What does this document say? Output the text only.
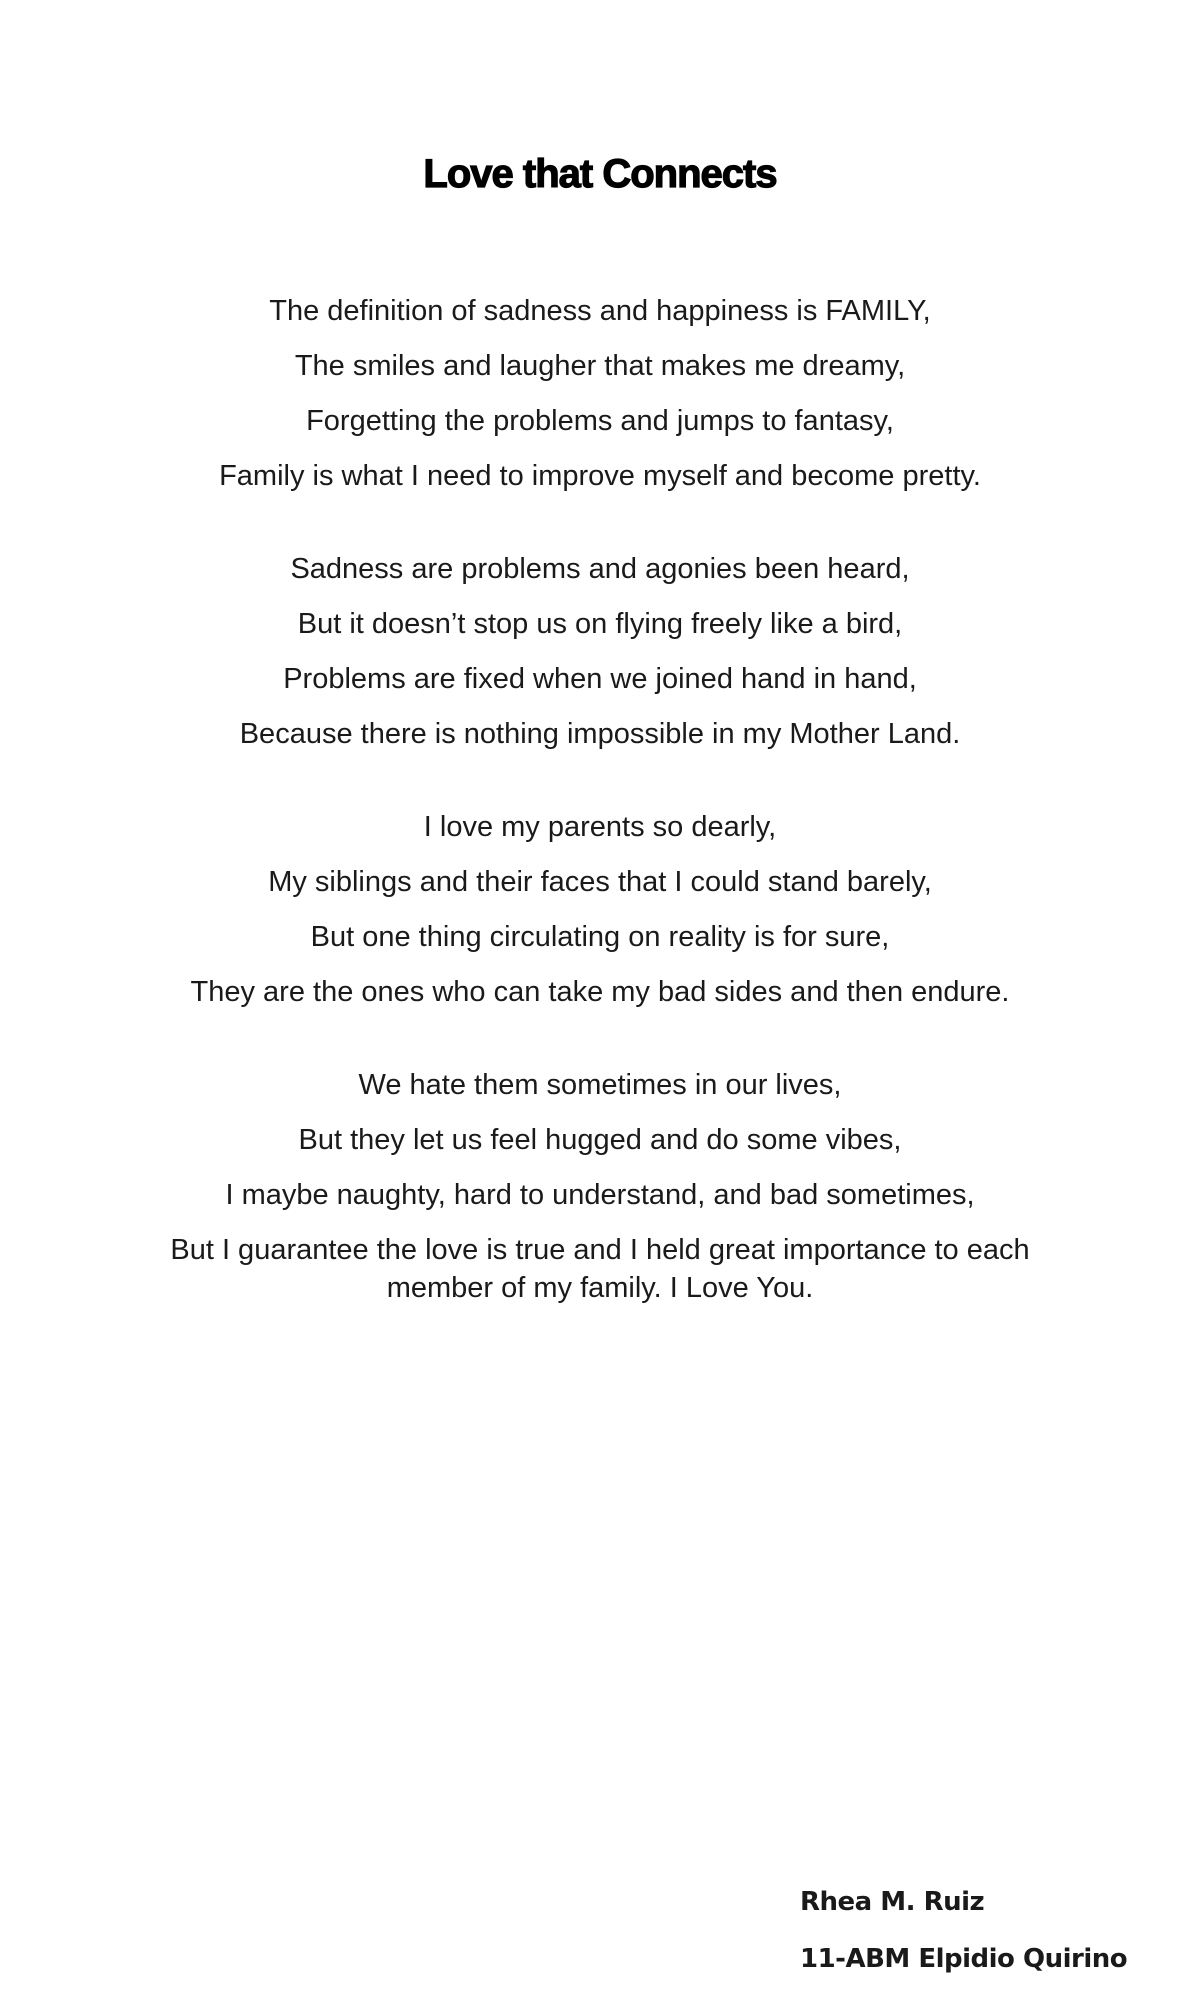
Love that Connects
The definition of sadness and happiness is FAMILY,
The smiles and laugher that makes me dreamy,
Forgetting the problems and jumps to fantasy,
Family is what I need to improve myself and become pretty.
Sadness are problems and agonies been heard,
But it doesn’t stop us on flying freely like a bird,
Problems are fixed when we joined hand in hand,
Because there is nothing impossible in my Mother Land.
I love my parents so dearly,
My siblings and their faces that I could stand barely,
But one thing circulating on reality is for sure,
They are the ones who can take my bad sides and then endure.
We hate them sometimes in our lives,
But they let us feel hugged and do some vibes,
I maybe naughty, hard to understand, and bad sometimes,
But I guarantee the love is true and I held great importance to each member of my family. I Love You.
Rhea M. Ruiz
11-ABM Elpidio Quirino
